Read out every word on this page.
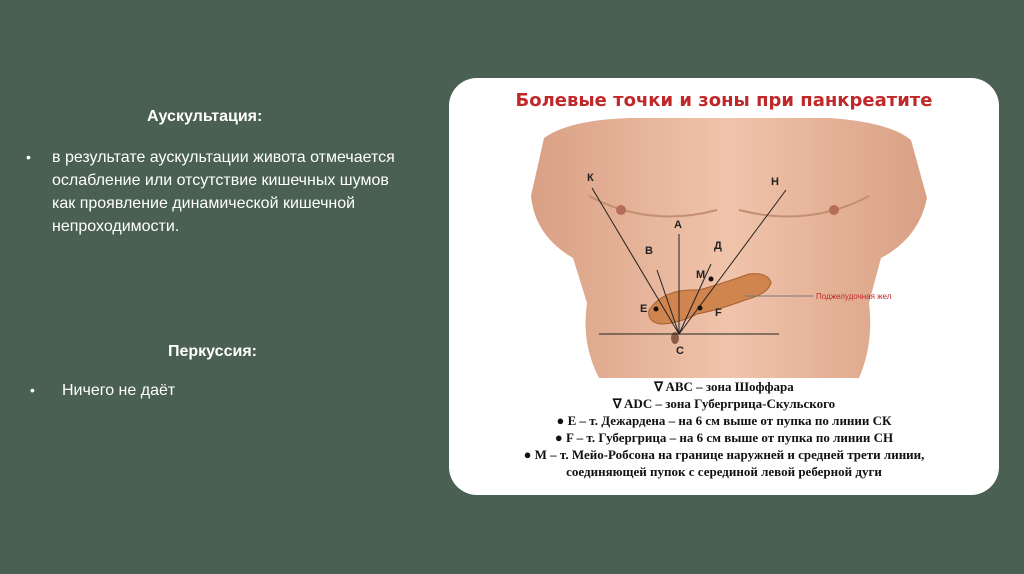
Аускультация:
• в результате аускультации живота отмечается ослабление или отсутствие кишечных шумов как проявление динамической кишечной непроходимости.
Перкуссия:
• Ничего не даёт
К	Н
А
В	Д
М
Е	F
С
Поджелудочная жел
Болевые точки и зоны при панкреатите
∇ ABC – зона Шоффара
∇ ADC – зона Губергрица-Скульского
● Е – т. Дежардена – на 6 см выше от пупка по линии СК
● F – т. Губергрица – на 6 см выше от пупка по линии СН
● М – т. Мейо-Робсона на границе наружней и средней трети линии,
соединяющей пупок с серединой левой реберной дуги
